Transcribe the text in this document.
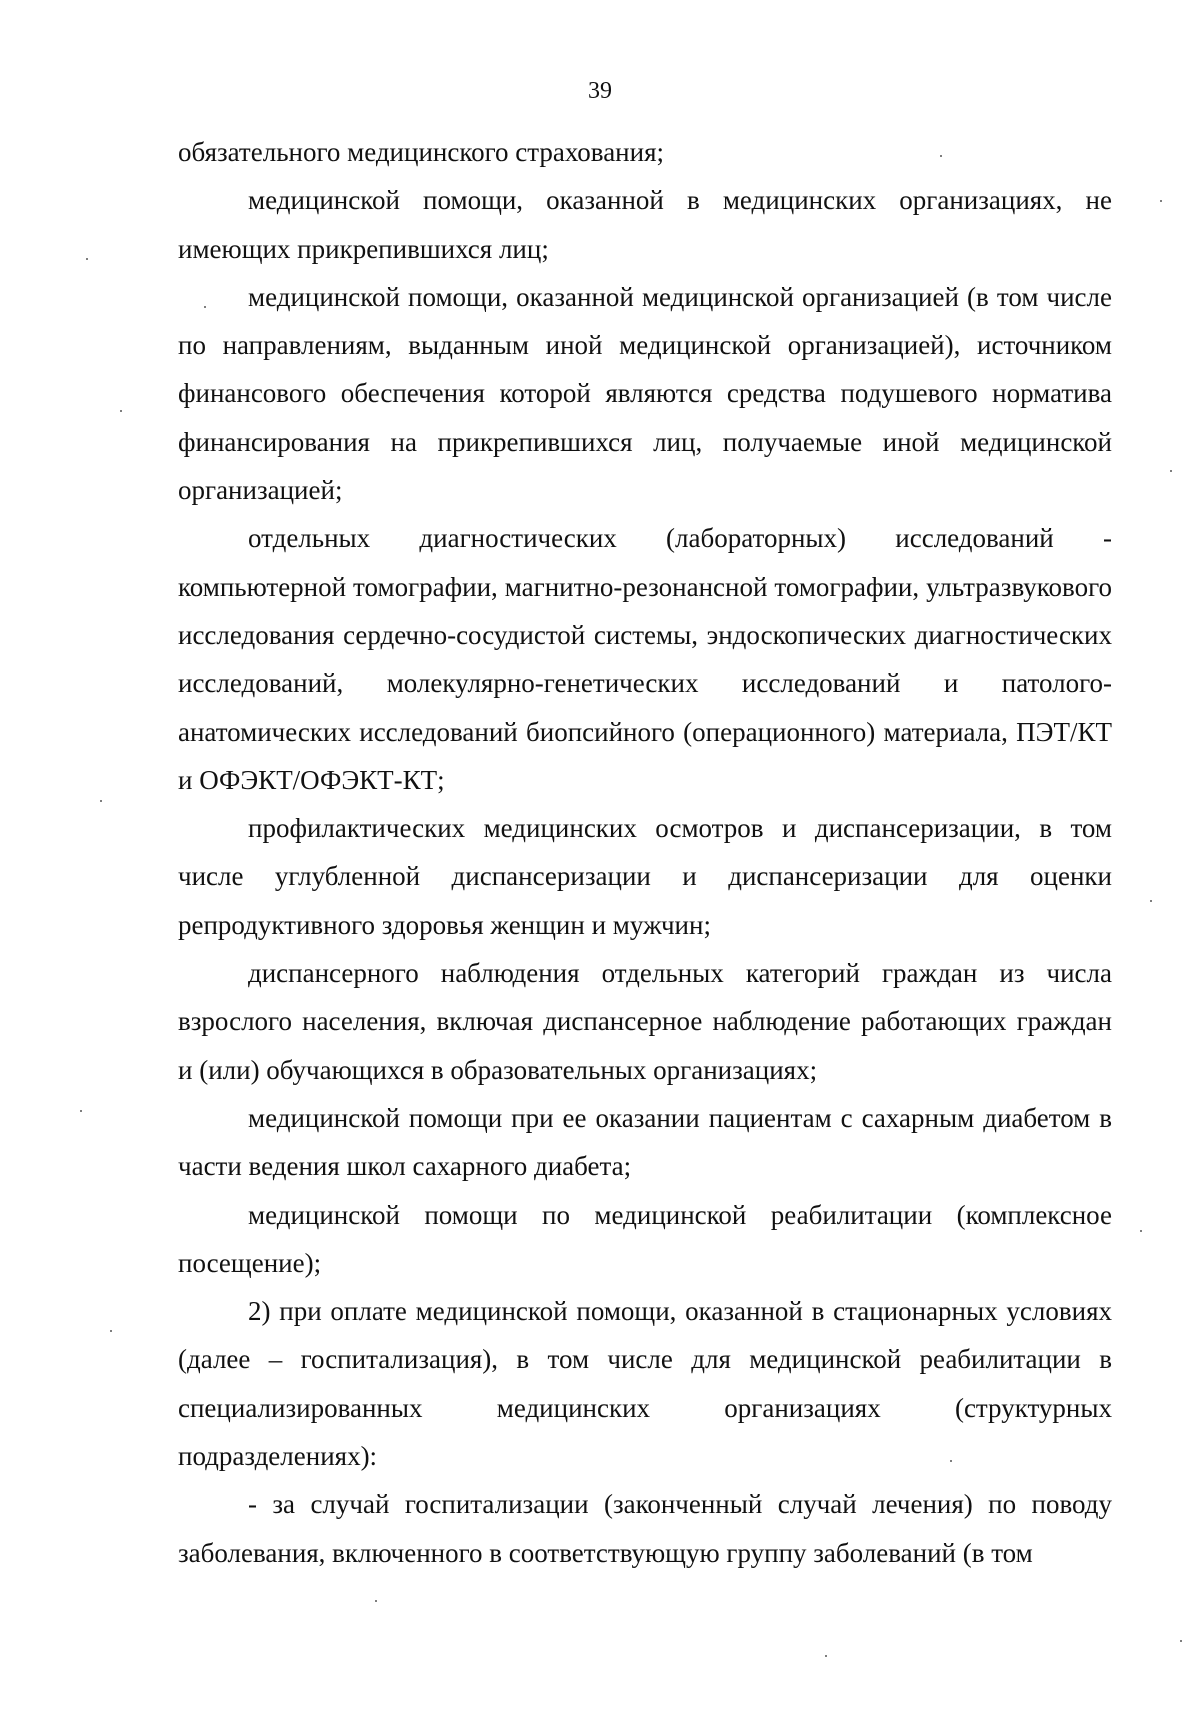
39

обязательного медицинского страхования;

медицинской помощи, оказанной в медицинских организациях, не имеющих прикрепившихся лиц;

медицинской помощи, оказанной медицинской организацией (в том числе по направлениям, выданным иной медицинской организацией), источником финансового обеспечения которой являются средства подушевого норматива финансирования на прикрепившихся лиц, получаемые иной медицинской организацией;

отдельных диагностических (лабораторных) исследований - компьютерной томографии, магнитно-резонансной томографии, ультразвукового исследования сердечно-сосудистой системы, эндоскопических диагностических исследований, молекулярно-генетических исследований и патолого-анатомических исследований биопсийного (операционного) материала, ПЭТ/КТ и ОФЭКТ/ОФЭКТ-КТ;

профилактических медицинских осмотров и диспансеризации, в том числе углубленной диспансеризации и диспансеризации для оценки репродуктивного здоровья женщин и мужчин;

диспансерного наблюдения отдельных категорий граждан из числа взрослого населения, включая диспансерное наблюдение работающих граждан и (или) обучающихся в образовательных организациях;

медицинской помощи при ее оказании пациентам с сахарным диабетом в части ведения школ сахарного диабета;

медицинской помощи по медицинской реабилитации (комплексное посещение);

2) при оплате медицинской помощи, оказанной в стационарных условиях (далее – госпитализация), в том числе для медицинской реабилитации в специализированных медицинских организациях (структурных подразделениях):

- за случай госпитализации (законченный случай лечения) по поводу заболевания, включенного в соответствующую группу заболеваний (в том
